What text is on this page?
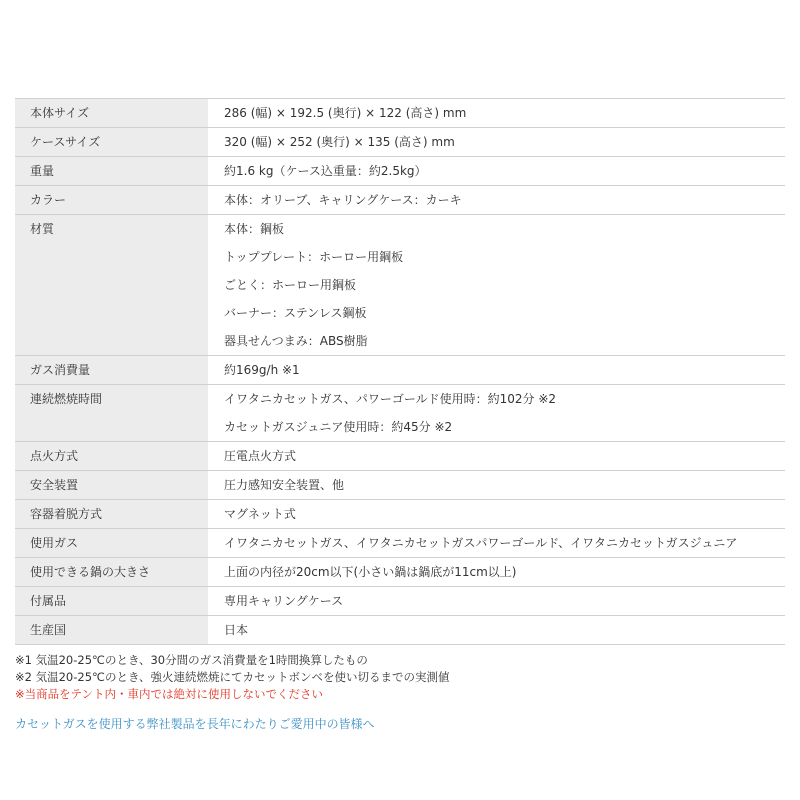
本体サイズ	286 (幅) × 192.5 (奥行) × 122 (高さ) mm

ケースサイズ	320 (幅) × 252 (奥行) × 135 (高さ) mm

重量	約1.6 kg（ケース込重量：約2.5kg）

カラー	本体：オリーブ、キャリングケース：カーキ

材質	本体：鋼板
トッププレート：ホーロー用鋼板
ごとく：ホーロー用鋼板
バーナー：ステンレス鋼板
器具せんつまみ：ABS樹脂

ガス消費量	約169g/h ※1

連続燃焼時間	イワタニカセットガス、パワーゴールド使用時：約102分 ※2
カセットガスジュニア使用時：約45分 ※2

点火方式	圧電点火方式

安全装置	圧力感知安全装置、他

容器着脱方式	マグネット式

使用ガス	イワタニカセットガス、イワタニカセットガスパワーゴールド、イワタニカセットガスジュニア

使用できる鍋の大きさ	上面の内径が20cm以下(小さい鍋は鍋底が11cm以上)

付属品	専用キャリングケース

生産国	日本
※1 気温20-25℃のとき、30分間のガス消費量を1時間換算したもの
※2 気温20-25℃のとき、強火連続燃焼にてカセットボンベを使い切るまでの実測値
※当商品をテント内・車内では絶対に使用しないでください
カセットガスを使用する弊社製品を長年にわたりご愛用中の皆様へ
